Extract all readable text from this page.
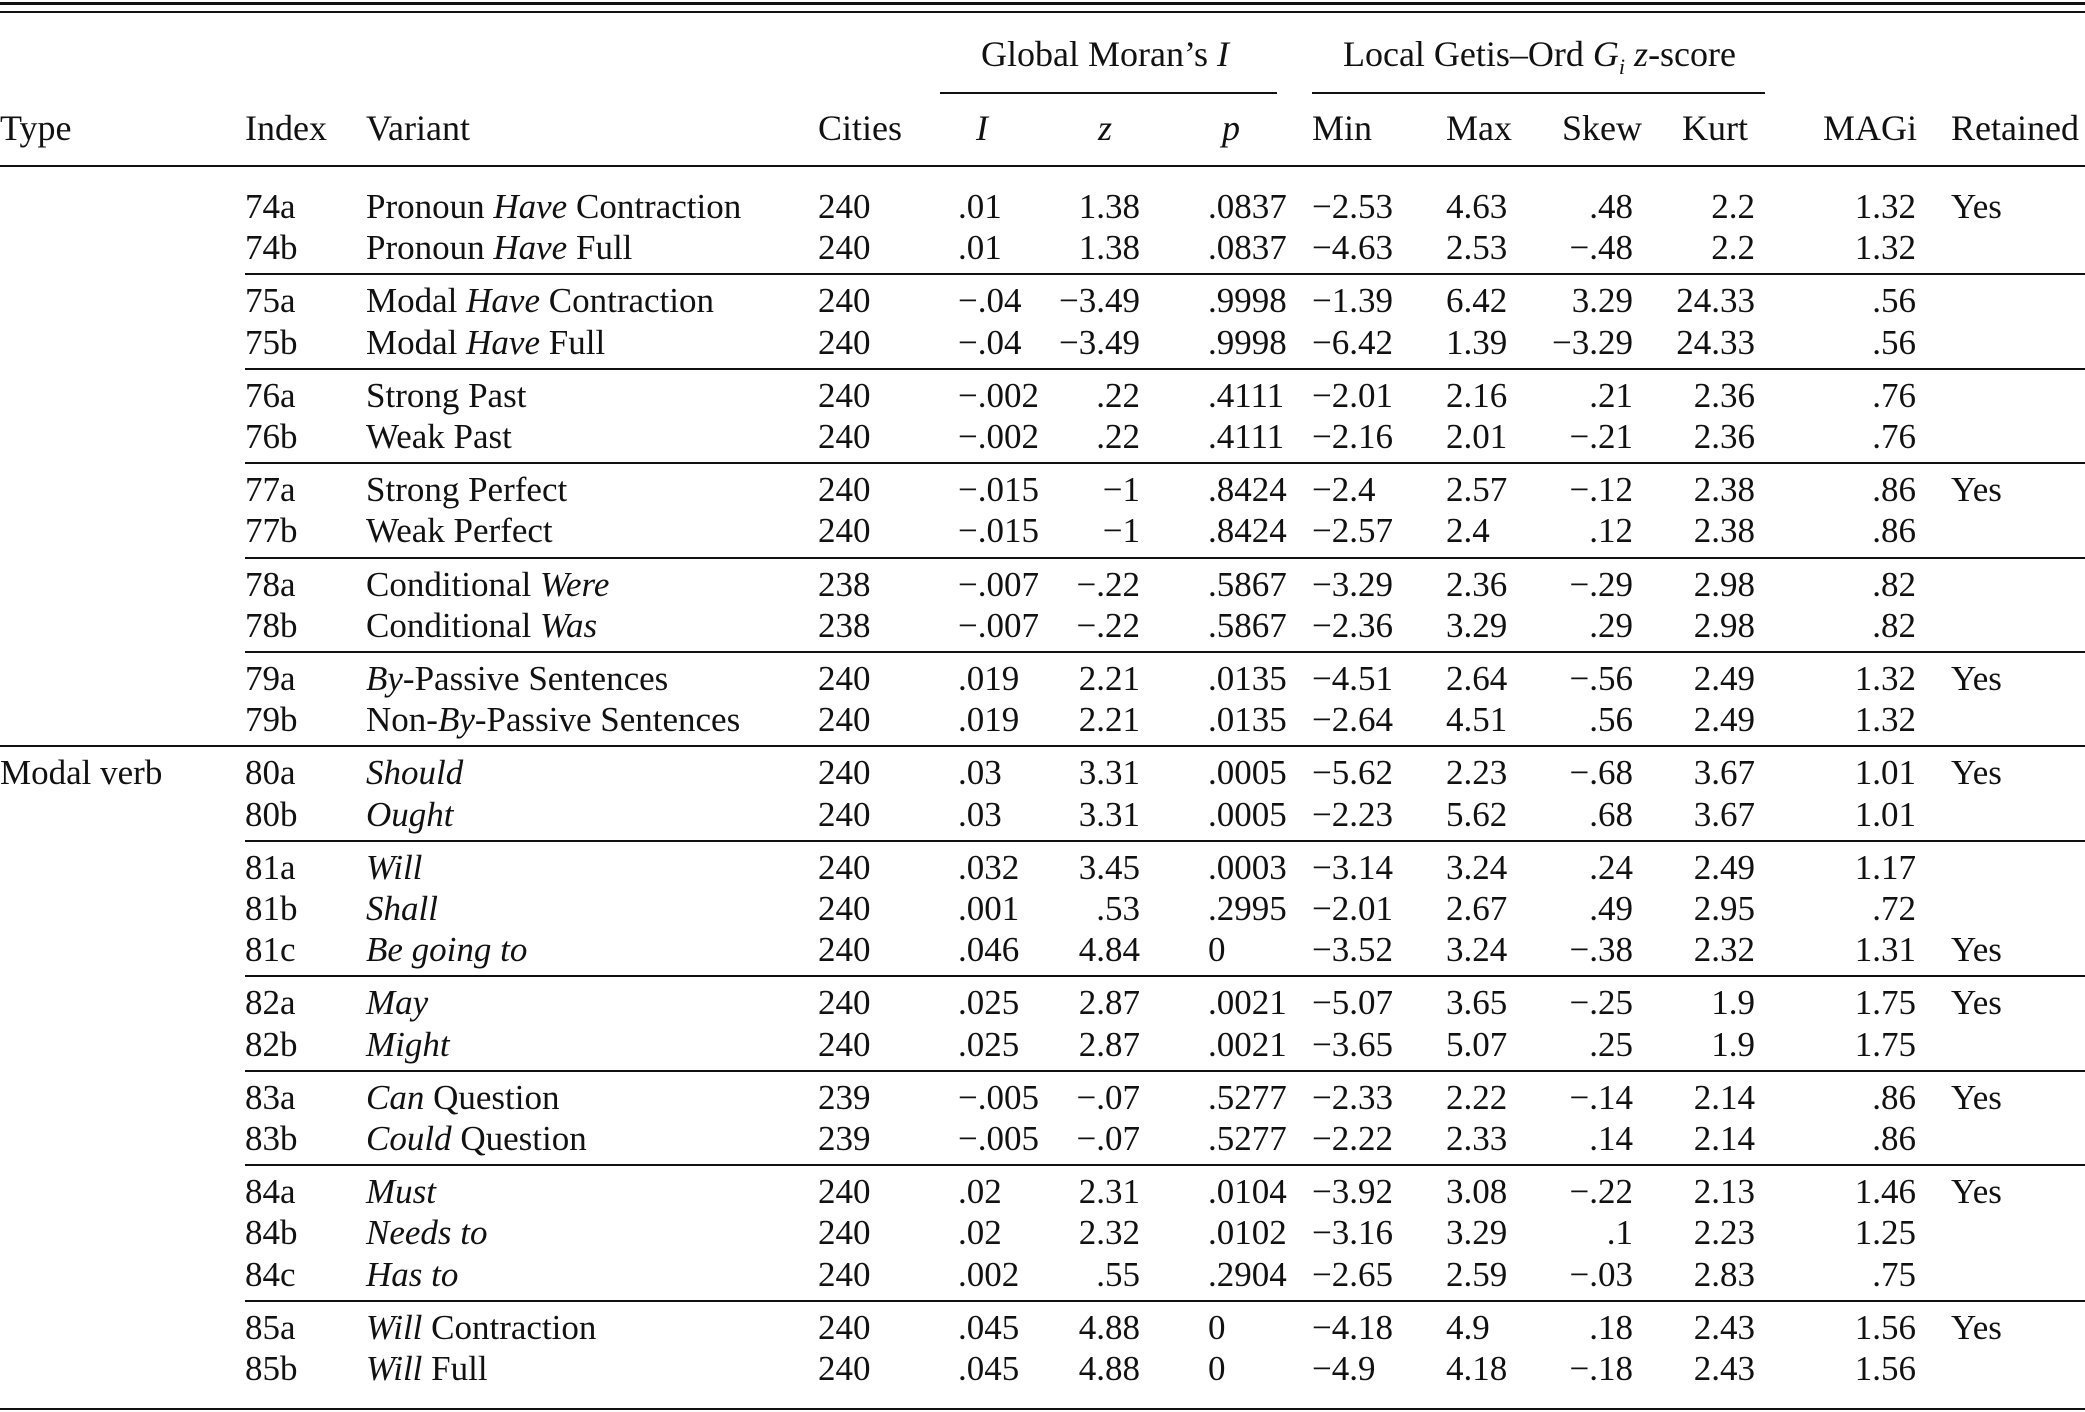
Global Moran’s I	Local Getis–Ord $G_i$ z-score
Type	Index Variant	Cities I	z	p Min Max Skew Kurt MAGi Retained
74a	Pronoun Have Contraction	240	.01	1.38 .0837 −2.53	4.63	.48	2.2	1.32 Yes
74b	Pronoun Have Full	240	.01	1.38 .0837 −4.63	2.53	−.48	2.2	1.32
75a	Modal Have Contraction	240	−.04	−3.49 .9998 −1.39	6.42	3.29	24.33	.56
75b	Modal Have Full	240	−.04	−3.49 .9998 −6.42	1.39	−3.29	24.33	.56
76a	Strong Past	240	−.002	.22 .4111 −2.01	2.16	.21	2.36	.76
76b	Weak Past	240	−.002	.22 .4111 −2.16	2.01	−.21	2.36	.76
77a	Strong Perfect	240	−.015	−1 .8424 −2.4	2.57	−.12	2.38	.86 Yes
77b	Weak Perfect	240	−.015	−1 .8424 −2.57	2.4	.12	2.38	.86
78a	Conditional Were	238	−.007	−.22 .5867 −3.29	2.36	−.29	2.98	.82
78b	Conditional Was	238	−.007	−.22 .5867 −2.36	3.29	.29	2.98	.82
79a	By-Passive Sentences	240	.019	2.21 .0135 −4.51	2.64	−.56	2.49	1.32 Yes
79b	Non-By-Passive Sentences	240	.019	2.21 .0135 −2.64	4.51	.56	2.49	1.32
Modal verb	80a	Should	240	.03	3.31 .0005 −5.62	2.23	−.68	3.67	1.01 Yes
80b	Ought	240	.03	3.31 .0005 −2.23	5.62	.68	3.67	1.01
81a	Will	240	.032	3.45 .0003 −3.14	3.24	.24	2.49	1.17
81b	Shall	240	.001	.53 .2995 −2.01	2.67	.49	2.95	.72
81c	Be going to	240	.046	4.84 0	−3.52	3.24	−.38	2.32	1.31 Yes
82a	May	240	.025	2.87 .0021 −5.07	3.65	−.25	1.9	1.75 Yes
82b	Might	240	.025	2.87 .0021 −3.65	5.07	.25	1.9	1.75
83a	Can Question	239	−.005	−.07 .5277 −2.33	2.22	−.14	2.14	.86 Yes
83b	Could Question	239	−.005	−.07 .5277 −2.22	2.33	.14	2.14	.86
84a	Must	240	.02	2.31 .0104 −3.92	3.08	−.22	2.13	1.46 Yes
84b	Needs to	240	.02	2.32 .0102 −3.16	3.29	.1	2.23	1.25
84c	Has to	240	.002	.55 .2904 −2.65	2.59	−.03	2.83	.75
85a	Will Contraction	240	.045	4.88 0	−4.18	4.9	.18	2.43	1.56 Yes
85b	Will Full	240	.045	4.88 0	−4.9	4.18	−.18	2.43	1.56
